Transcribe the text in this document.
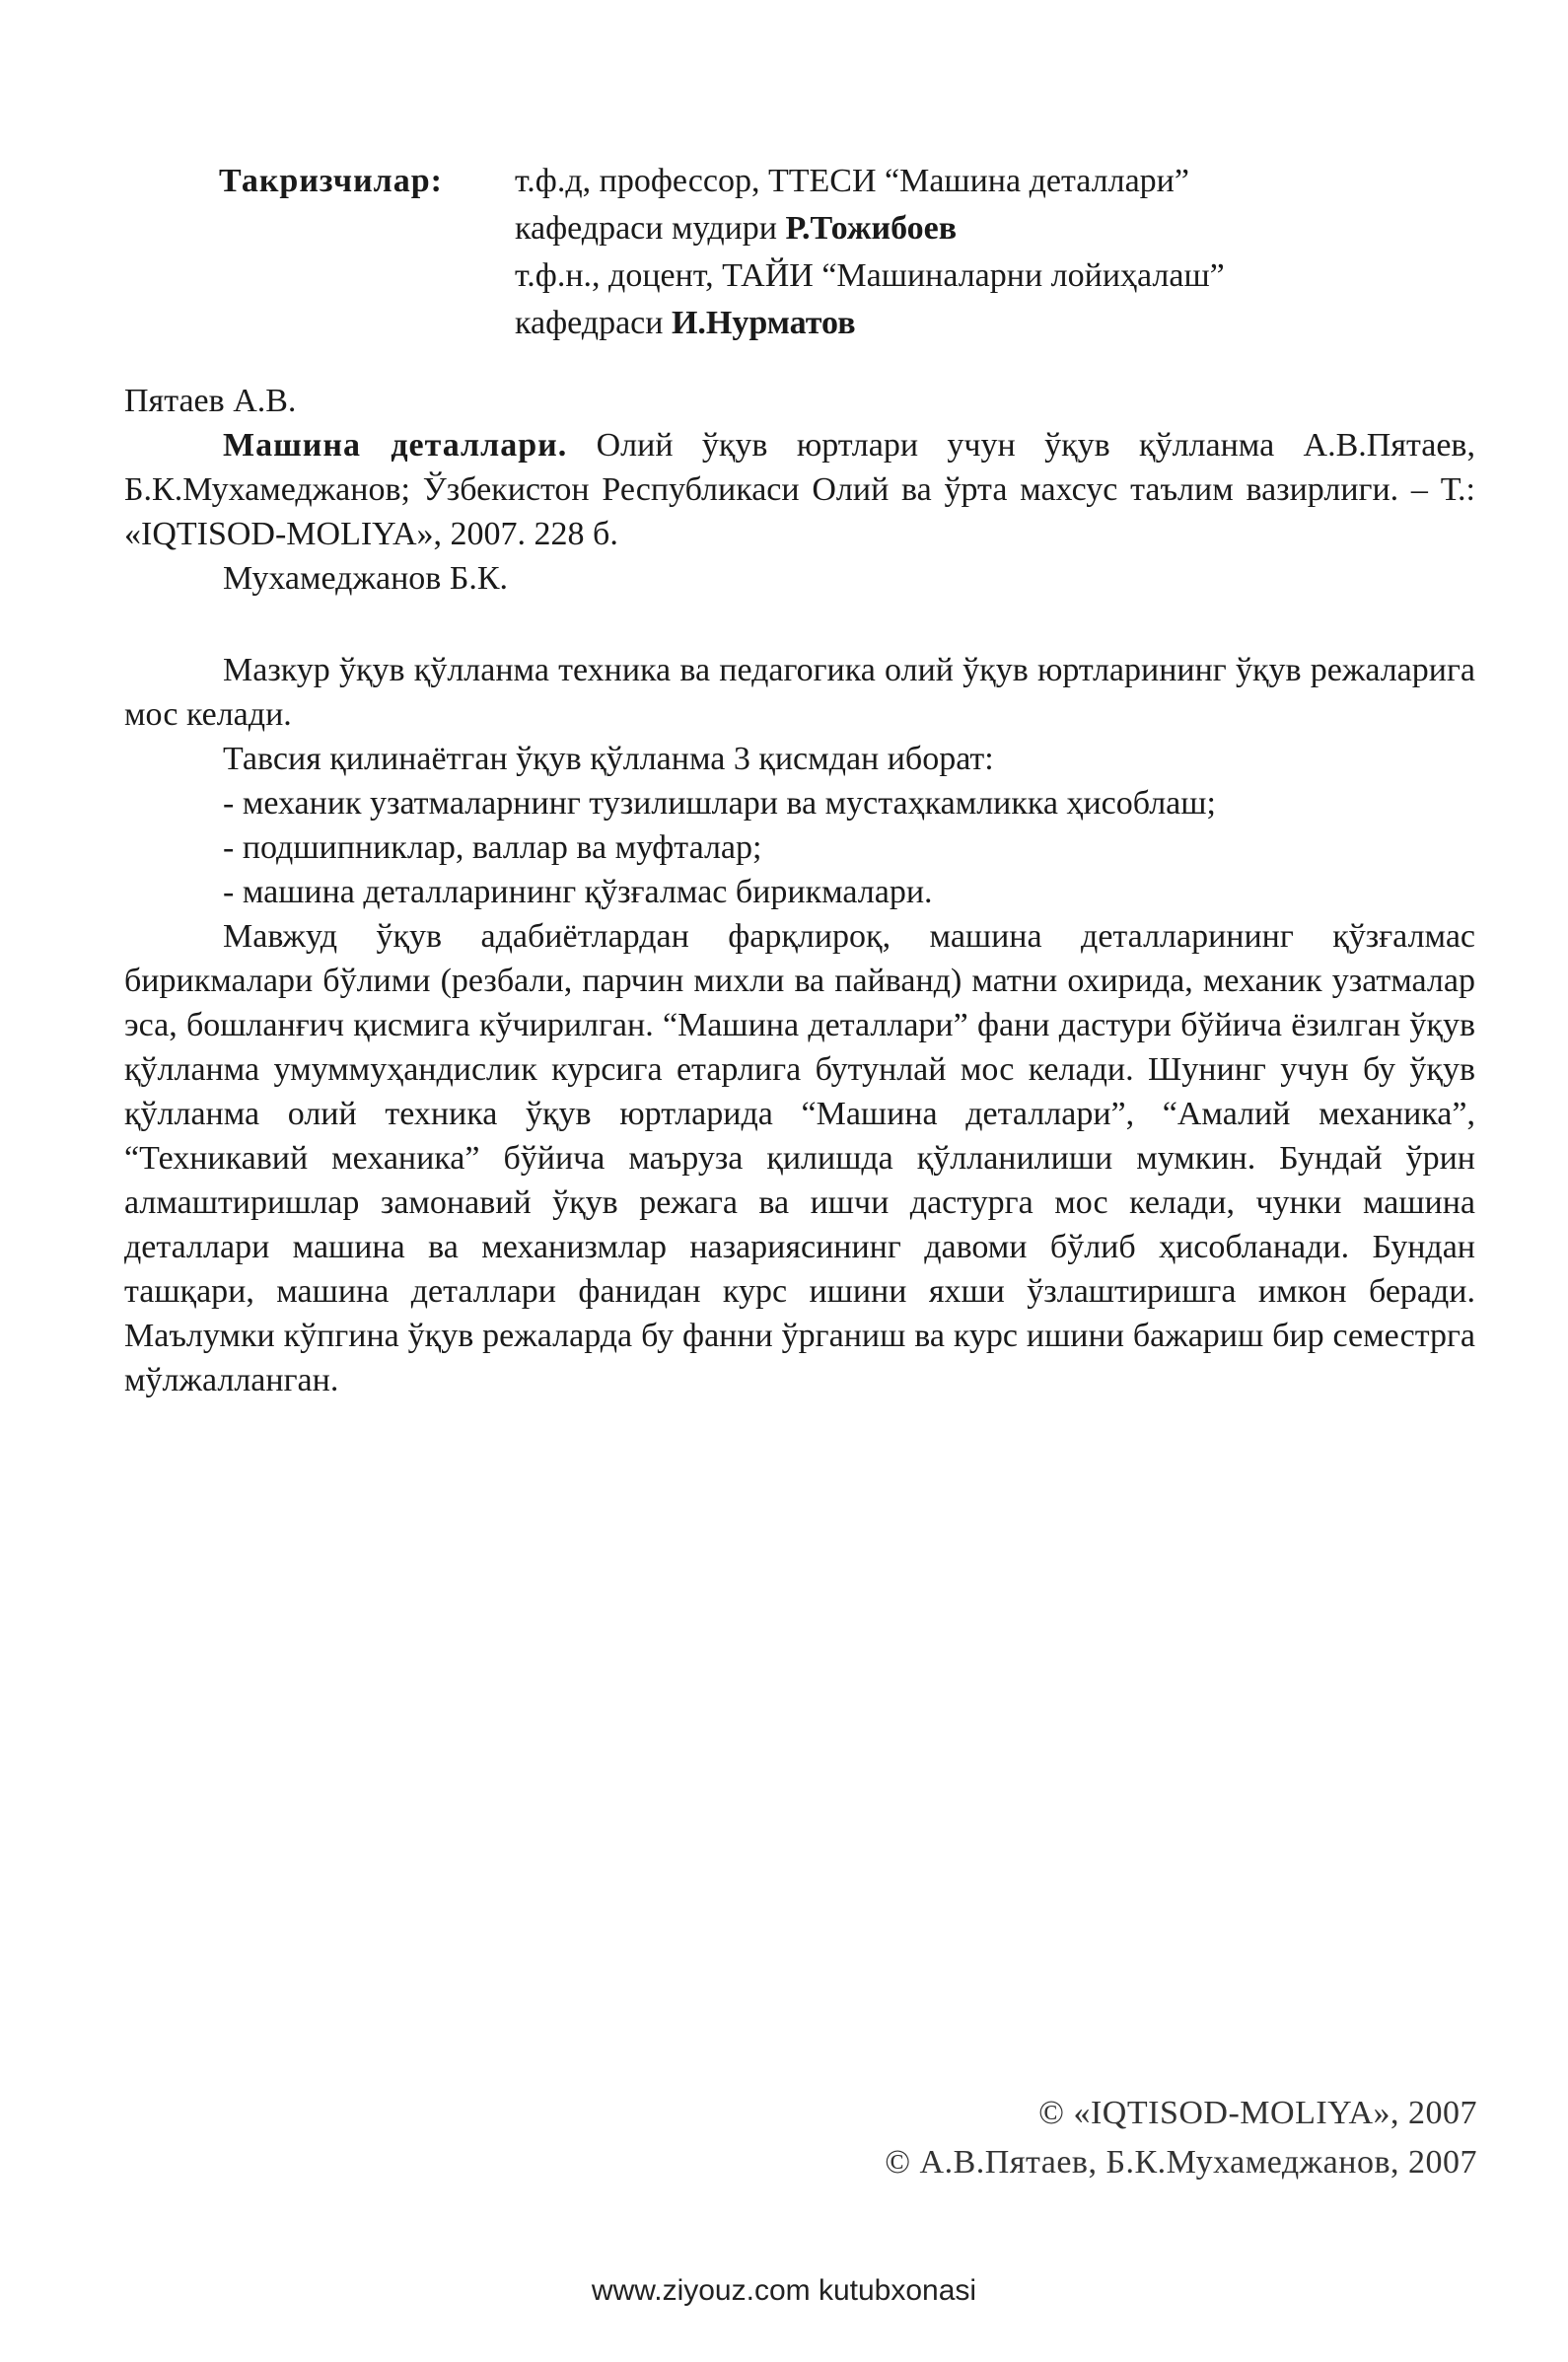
Такризчилар: т.ф.д, профессор, ТТЕСИ “Машина деталлари”
кафедраси мудири Р.Тожибоев
т.ф.н., доцент, ТАЙИ “Машиналарни лойиҳалаш”
кафедраси И.Нурматов

Пятаев А.В.

Машина деталлари. Олий ўқув юртлари учун ўқув қўлланма А.В.Пятаев, Б.К.Мухамеджанов; Ўзбекистон Республикаси Олий ва ўрта махсус таълим вазирлиги. – Т.: «IQTISOD-MOLIYA», 2007. 228 б.

Мухамеджанов Б.К.

Мазкур ўқув қўлланма техника ва педагогика олий ўқув юртларининг ўқув режаларига мос келади.

Тавсия қилинаётган ўқув қўлланма 3 қисмдан иборат:

- механик узатмаларнинг тузилишлари ва мустаҳкамликка ҳисоблаш;

- подшипниклар, валлар ва муфталар;

- машина деталларининг қўзғалмас бирикмалари.

Мавжуд ўқув адабиётлардан фарқлироқ, машина деталларининг қўзғалмас бирикмалари бўлими (резбали, парчин михли ва пайванд) матни охирида, механик узатмалар эса, бошланғич қисмига кўчирилган. “Машина деталлари” фани дастури бўйича ёзилган ўқув қўлланма умуммуҳандислик курсига етарлига бутунлай мос келади. Шунинг учун бу ўқув қўлланма олий техника ўқув юртларида “Машина деталлари”, “Амалий механика”, “Техникавий механика” бўйича маъруза қилишда қўлланилиши мумкин. Бундай ўрин алмаштиришлар замонавий ўқув режага ва ишчи дастурга мос келади, чунки машина деталлари машина ва механизмлар назариясининг давоми бўлиб ҳисобланади. Бундан ташқари, машина деталлари фанидан курс ишини яхши ўзлаштиришга имкон беради. Маълумки кўпгина ўқув режаларда бу фанни ўрганиш ва курс ишини бажариш бир семестрга мўлжалланган.

© «IQTISOD-MOLIYA», 2007
© А.В.Пятаев, Б.К.Мухамеджанов, 2007
www.ziyouz.com kutubxonasi
